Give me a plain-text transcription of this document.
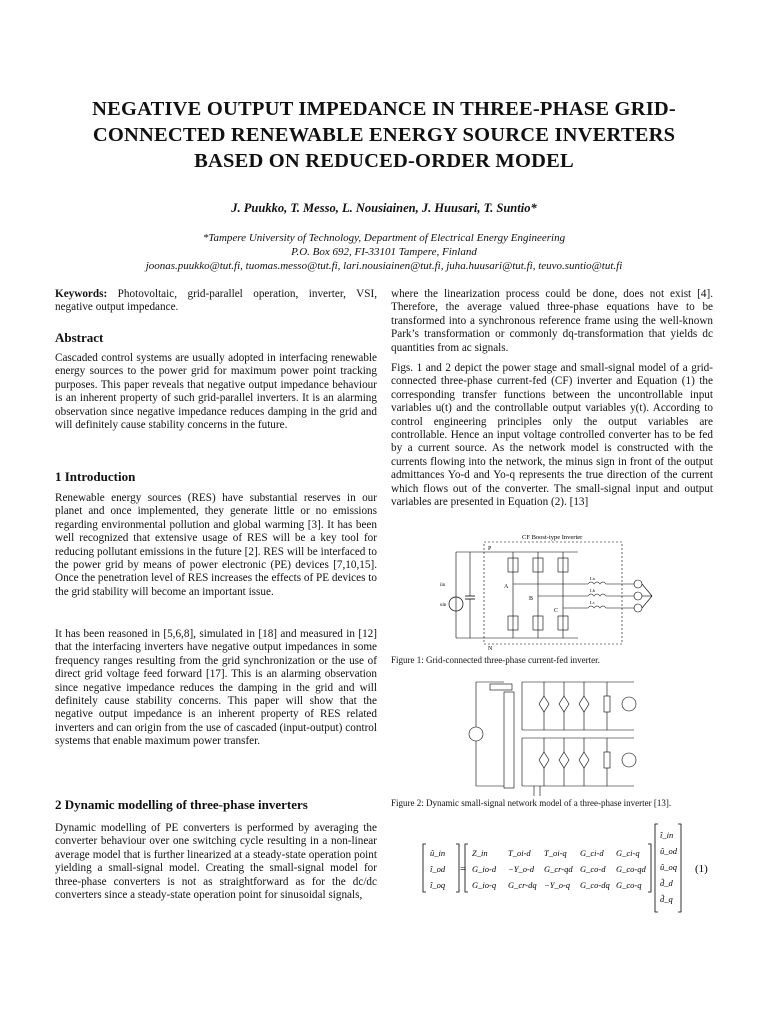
NEGATIVE OUTPUT IMPEDANCE IN THREE-PHASE GRID-
CONNECTED RENEWABLE ENERGY SOURCE INVERTERS
BASED ON REDUCED-ORDER MODEL
J. Puukko, T. Messo, L. Nousiainen, J. Huusari, T. Suntio*
*Tampere University of Technology, Department of Electrical Energy Engineering
P.O. Box 692, FI-33101 Tampere, Finland
joonas.puukko@tut.fi, tuomas.messo@tut.fi, lari.nousiainen@tut.fi, juha.huusari@tut.fi, teuvo.suntio@tut.fi

Keywords: Photovoltaic, grid-parallel operation, inverter, VSI, negative output impedance.

Abstract
Cascaded control systems are usually adopted in interfacing renewable energy sources to the power grid for maximum power point tracking purposes. This paper reveals that negative output impedance behaviour is an inherent property of such grid-parallel inverters. It is an alarming observation since negative impedance reduces damping in the grid and will definitely cause stability concerns in the future.
1 Introduction
Renewable energy sources (RES) have substantial reserves in our planet and once implemented, they generate little or no emissions regarding environmental pollution and global warming [3]. It has been well recognized that extensive usage of RES will be a key tool for reducing pollutant emissions in the future [2]. RES will be interfaced to the power grid by means of power electronic (PE) devices [7,10,15]. Once the penetration level of RES increases the effects of PE devices to the grid stability will become an important issue.
It has been reasoned in [5,6,8], simulated in [18] and measured in [12] that the interfacing inverters have negative output impedances in some frequency ranges resulting from the grid synchronization or the use of direct grid voltage feed forward [17]. This is an alarming observation since negative impedance reduces the damping in the grid and will definitely cause stability concerns. This paper will show that the negative output impedance is an inherent property of RES related inverters and can origin from the use of cascaded (input-output) control systems that enable maximum power transfer.
2 Dynamic modelling of three-phase inverters
Dynamic modelling of PE converters is performed by averaging the converter behaviour over one switching cycle resulting in a non-linear average model that is further linearized at a steady-state operation point yielding a small-signal model. Creating the small-signal model for three-phase converters is not as straightforward as for the dc/dc converters since a steady-state operation point for sinusoidal signals,
where the linearization process could be done, does not exist [4]. Therefore, the average valued three-phase equations have to be transformed into a synchronous reference frame using the well-known Park’s transformation or commonly dq-transformation that yields dc quantities from ac signals.
Figs. 1 and 2 depict the power stage and small-signal model of a grid-connected three-phase current-fed (CF) inverter and Equation (1) the corresponding transfer functions between the uncontrollable input variables u(t) and the controllable output variables y(t). According to control engineering principles only the output variables are controllable. Hence an input voltage controlled converter has to be fed by a current source. As the network model is constructed with the currents flowing into the network, the minus sign in front of the output admittances Yo-d and Yo-q represents the true direction of the current which flows out of the converter. The small-signal input and output variables are presented in Equation (2). [13]
CF Boost-type Inverter
uin
iin
P
N
A
B
C
La
Lb
Lc
Figure 1: Grid-connected three-phase current-fed inverter.
Figure 2: Dynamic small-signal network model of a three-phase inverter [13].
û_in
î_od
î_oq
Z_in T_oi-d T_oi-q G_ci-d G_ci-q
G_io-d −Y_o-d G_cr-qd G_co-d G_co-qd
G_io-q G_cr-dq −Y_o-q G_co-dq G_co-q
î_in
û_od
û_oq
d̂_d
d̂_q
=	(1)
